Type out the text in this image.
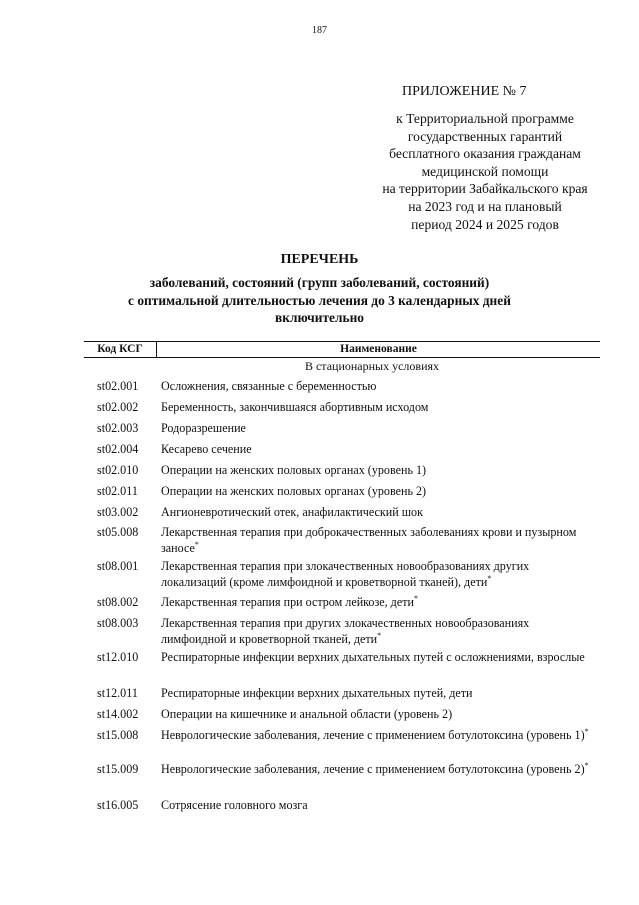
187
ПРИЛОЖЕНИЕ № 7
к Территориальной программе
государственных гарантий
бесплатного оказания гражданам
медицинской помощи
на территории Забайкальского края
на 2023 год и на плановый
период 2024 и 2025 годов
ПЕРЕЧЕНЬ
заболеваний, состояний (групп заболеваний, состояний)
с оптимальной длительностью лечения до 3 календарных дней
включительно
Код КСГ	Наименование
В стационарных условиях
st02.001 Осложнения, связанные с беременностью
st02.002 Беременность, закончившаяся абортивным исходом
st02.003 Родоразрешение
st02.004 Кесарево сечение
st02.010 Операции на женских половых органах (уровень 1)
st02.011 Операции на женских половых органах (уровень 2)
st03.002 Ангионевротический отек, анафилактический шок
st05.008 Лекарственная терапия при доброкачественных заболеваниях крови и пузырном заносе*
st08.001 Лекарственная терапия при злокачественных новообразованиях других локализаций (кроме лимфоидной и кроветворной тканей), дети*
st08.002 Лекарственная терапия при остром лейкозе, дети*
st08.003 Лекарственная терапия при других злокачественных новообразованиях лимфоидной и кроветворной тканей, дети*
st12.010 Респираторные инфекции верхних дыхательных путей с осложнениями, взрослые
st12.011 Респираторные инфекции верхних дыхательных путей, дети
st14.002 Операции на кишечнике и анальной области (уровень 2)
st15.008 Неврологические заболевания, лечение с применением ботулотоксина (уровень 1)*
st15.009 Неврологические заболевания, лечение с применением ботулотоксина (уровень 2)*
st16.005 Сотрясение головного мозга
